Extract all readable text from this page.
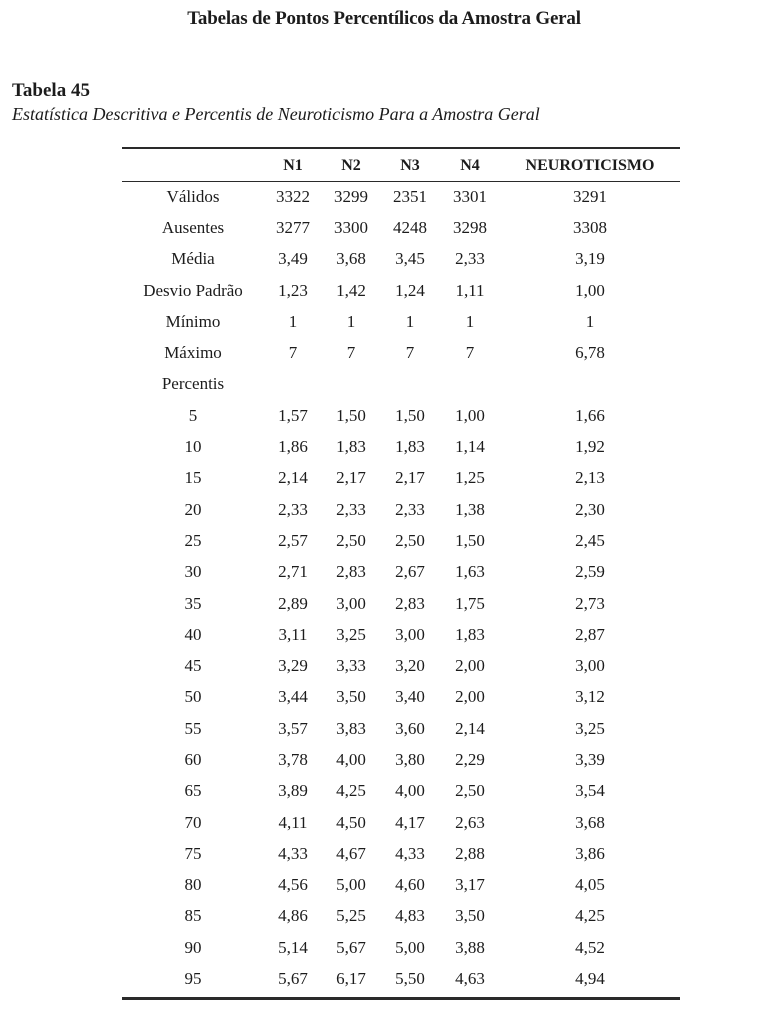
Tabelas de Pontos Percentílicos da Amostra Geral
Tabela 45
Estatística Descritiva e Percentis de Neuroticismo Para a Amostra Geral
	N1	N2	N3	N4	NEUROTICISMO
Válidos	3322	3299	2351	3301	3291
Ausentes	3277	3300	4248	3298	3308
Média	3,49	3,68	3,45	2,33	3,19
Desvio Padrão	1,23	1,42	1,24	1,11	1,00
Mínimo	1	1	1	1	1
Máximo	7	7	7	7	6,78
Percentis					
5	1,57	1,50	1,50	1,00	1,66
10	1,86	1,83	1,83	1,14	1,92
15	2,14	2,17	2,17	1,25	2,13
20	2,33	2,33	2,33	1,38	2,30
25	2,57	2,50	2,50	1,50	2,45
30	2,71	2,83	2,67	1,63	2,59
35	2,89	3,00	2,83	1,75	2,73
40	3,11	3,25	3,00	1,83	2,87
45	3,29	3,33	3,20	2,00	3,00
50	3,44	3,50	3,40	2,00	3,12
55	3,57	3,83	3,60	2,14	3,25
60	3,78	4,00	3,80	2,29	3,39
65	3,89	4,25	4,00	2,50	3,54
70	4,11	4,50	4,17	2,63	3,68
75	4,33	4,67	4,33	2,88	3,86
80	4,56	5,00	4,60	3,17	4,05
85	4,86	5,25	4,83	3,50	4,25
90	5,14	5,67	5,00	3,88	4,52
95	5,67	6,17	5,50	4,63	4,94
